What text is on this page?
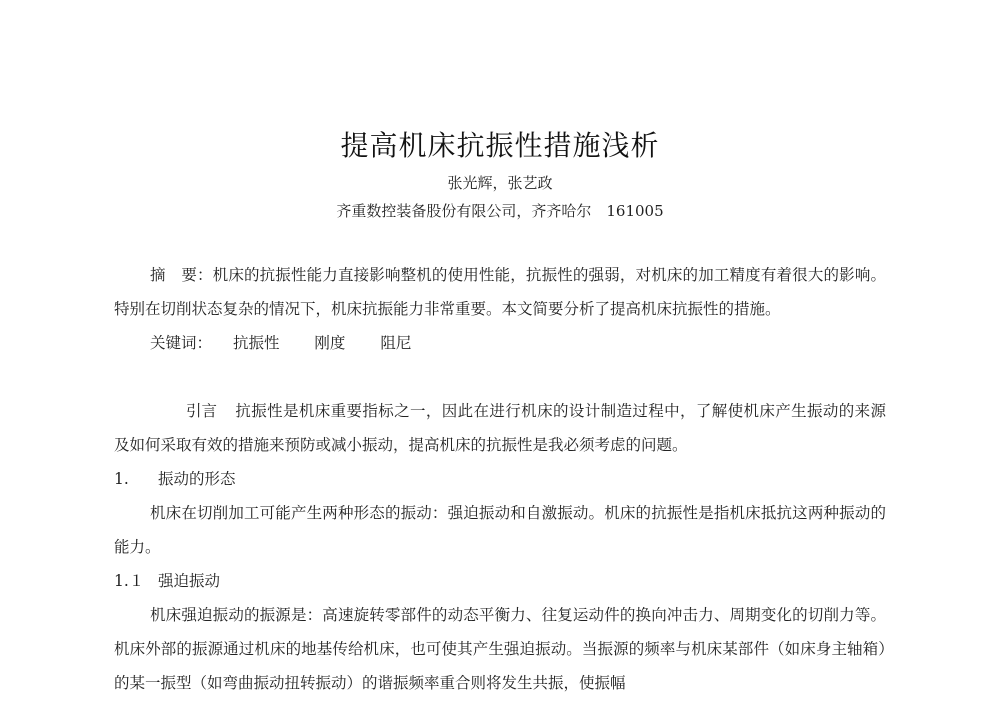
提高机床抗振性措施浅析
张光辉，张艺政
齐重数控装备股份有限公司，齐齐哈尔　161005

摘　要：机床的抗振性能力直接影响整机的使用性能，抗振性的强弱，对机床的加工精度有着很大的影响。特别在切削状态复杂的情况下，机床抗振能力非常重要。本文简要分析了提高机床抗振性的措施。

关键词： 抗振性 刚度 阻尼

引言 抗振性是机床重要指标之一，因此在进行机床的设计制造过程中，了解使机床产生振动的来源及如何采取有效的措施来预防或减小振动，提高机床的抗振性是我必须考虑的问题。

1. 振动的形态

机床在切削加工可能产生两种形态的振动：强迫振动和自激振动。机床的抗振性是指机床抵抗这两种振动的能力。

1.１ 强迫振动

机床强迫振动的振源是：高速旋转零部件的动态平衡力、往复运动件的换向冲击力、周期变化的切削力等。机床外部的振源通过机床的地基传给机床，也可使其产生强迫振动。当振源的频率与机床某部件（如床身主轴箱）的某一振型（如弯曲振动扭转振动）的谐振频率重合则将发生共振，使振幅
